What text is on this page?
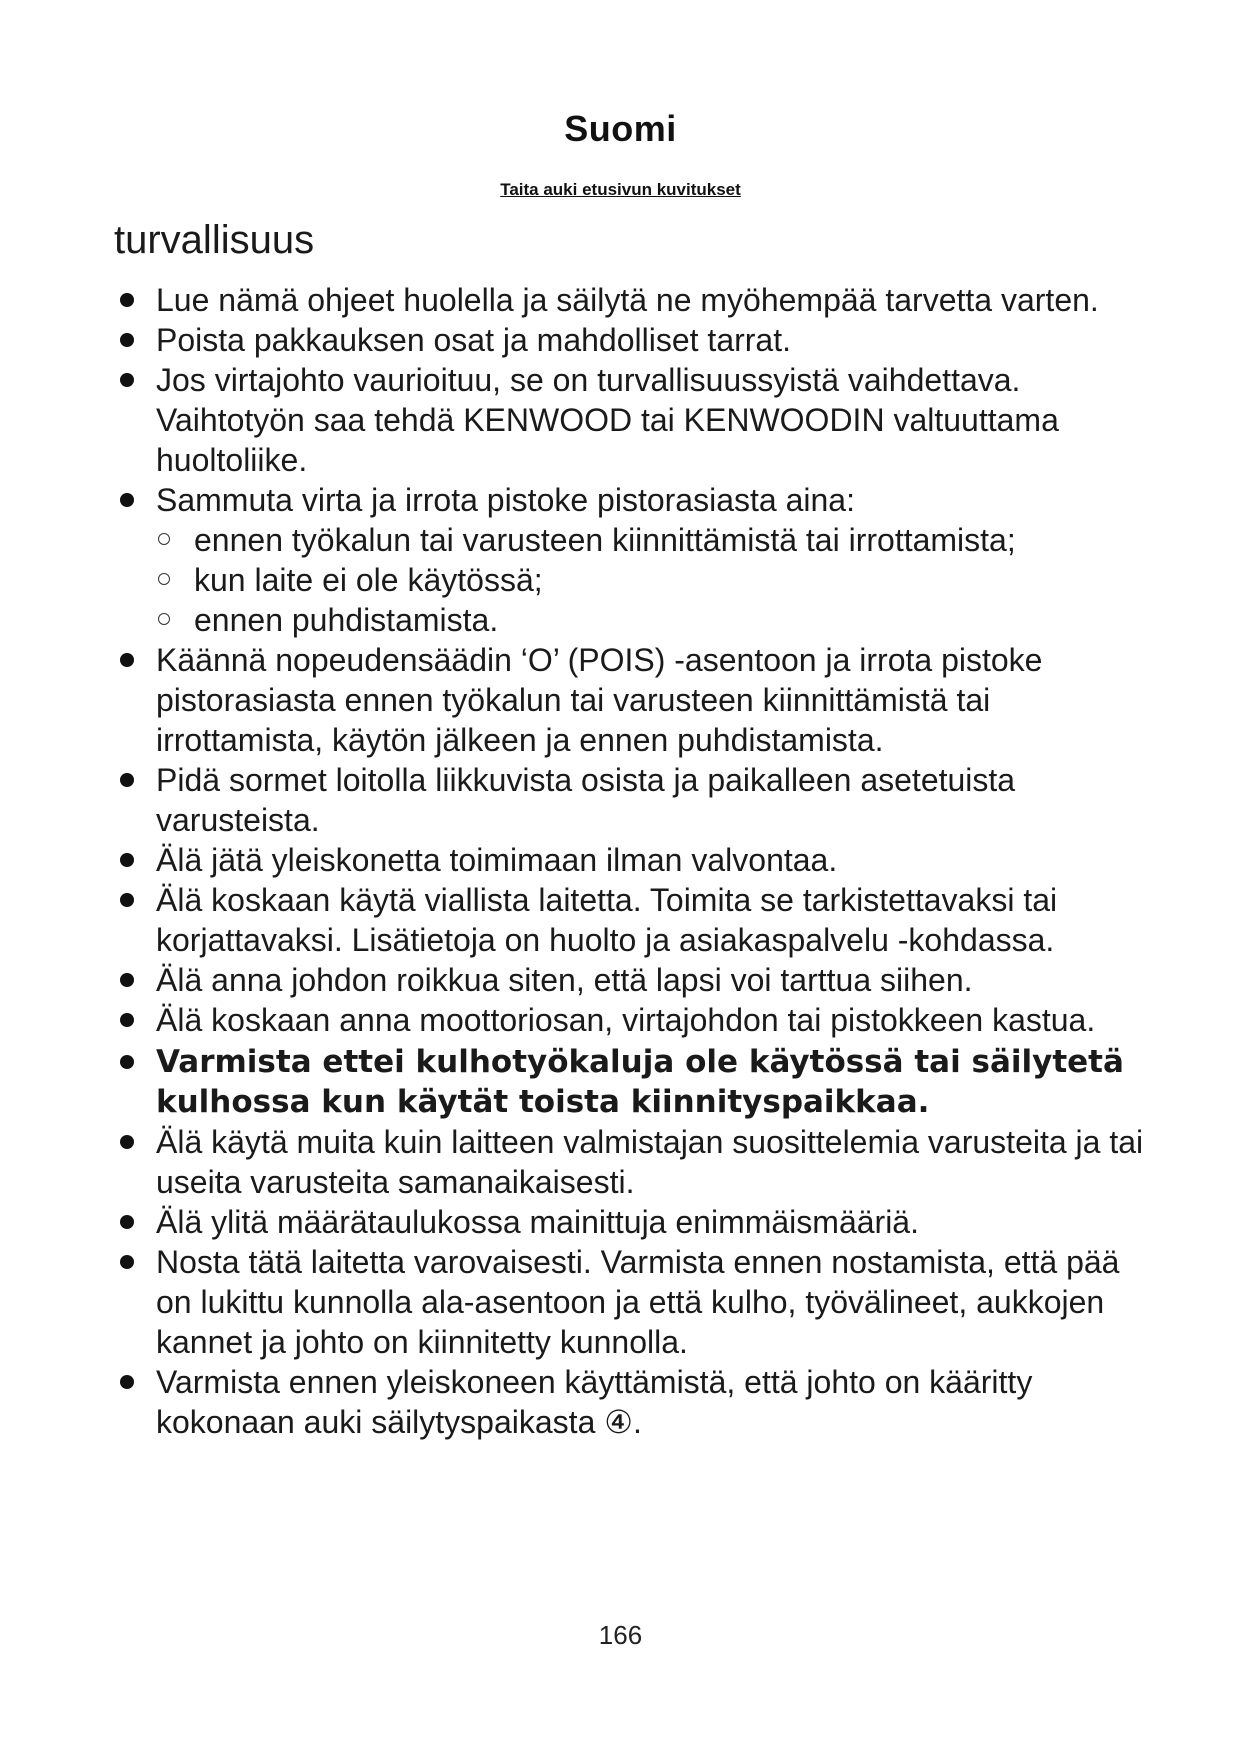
Suomi
Taita auki etusivun kuvitukset
turvallisuus
Lue nämä ohjeet huolella ja säilytä ne myöhempää tarvetta varten.
Poista pakkauksen osat ja mahdolliset tarrat.
Jos virtajohto vaurioituu, se on turvallisuussyistä vaihdettava. Vaihtotyön saa tehdä KENWOOD tai KENWOODIN valtuuttama huoltoliike.
Sammuta virta ja irrota pistoke pistorasiasta aina:
ennen työkalun tai varusteen kiinnittämistä tai irrottamista;
kun laite ei ole käytössä;
ennen puhdistamista.
Käännä nopeudensäädin ‘O’ (POIS) -asentoon ja irrota pistoke pistorasiasta ennen työkalun tai varusteen kiinnittämistä tai irrottamista, käytön jälkeen ja ennen puhdistamista.
Pidä sormet loitolla liikkuvista osista ja paikalleen asetetuista varusteista.
Älä jätä yleiskonetta toimimaan ilman valvontaa.
Älä koskaan käytä viallista laitetta. Toimita se tarkistettavaksi tai korjattavaksi. Lisätietoja on huolto ja asiakaspalvelu -kohdassa.
Älä anna johdon roikkua siten, että lapsi voi tarttua siihen.
Älä koskaan anna moottoriosan, virtajohdon tai pistokkeen kastua.
Varmista ettei kulhotyökaluja ole käytössä tai säilytetä kulhossa kun käytät toista kiinnityspaikkaa.
Älä käytä muita kuin laitteen valmistajan suosittelemia varusteita ja tai useita varusteita samanaikaisesti.
Älä ylitä määrätaulukossa mainittuja enimmäismääriä.
Nosta tätä laitetta varovaisesti. Varmista ennen nostamista, että pää on lukittu kunnolla ala-asentoon ja että kulho, työvälineet, aukkojen kannet ja johto on kiinnitetty kunnolla.
Varmista ennen yleiskoneen käyttämistä, että johto on kääritty kokonaan auki säilytyspaikasta ④.
166
